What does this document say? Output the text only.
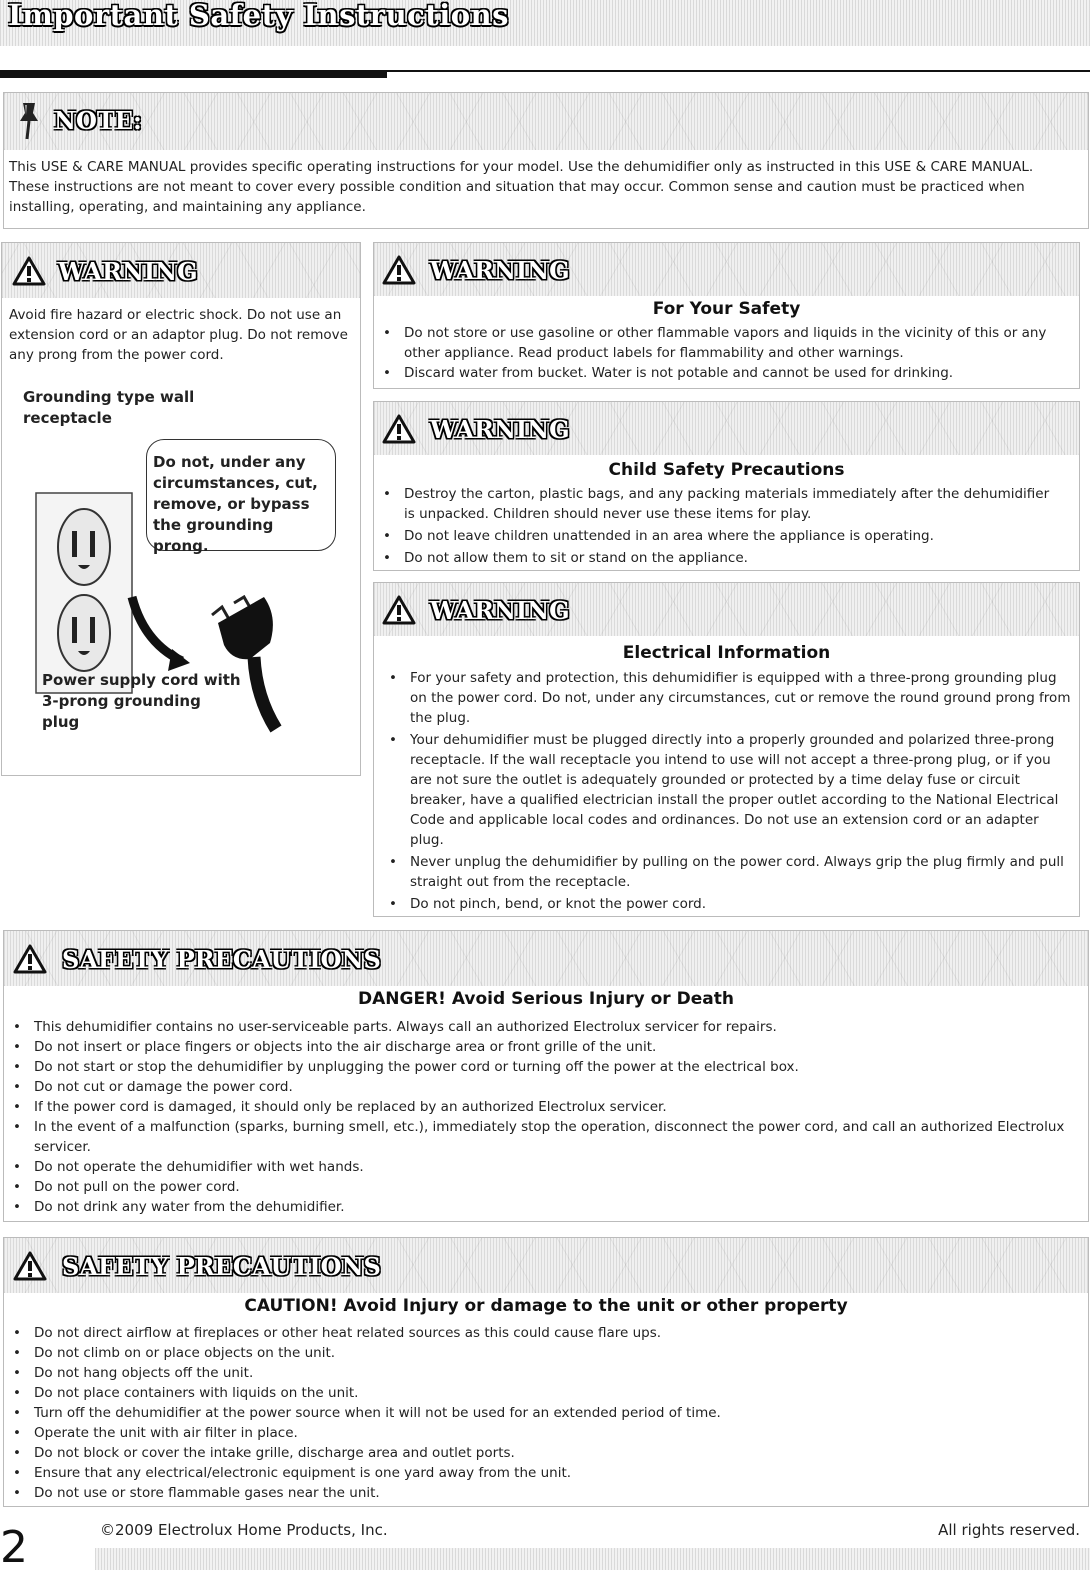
Important Safety Instructions
NOTE:
This USE & CARE MANUAL provides specific operating instructions for your model. Use the dehumidifier only as instructed in this USE & CARE MANUAL. These instructions are not meant to cover every possible condition and situation that may occur. Common sense and caution must be practiced when installing, operating, and maintaining any appliance.
WARNING
Avoid fire hazard or electric shock. Do not use an extension cord or an adaptor plug. Do not remove any prong from the power cord.
Grounding type wall receptacle
Do not, under any circumstances, cut, remove, or bypass the grounding prong.
Power supply cord with 3-prong grounding plug
WARNING
For Your Safety
• Do not store or use gasoline or other flammable vapors and liquids in the vicinity of this or any other appliance. Read product labels for flammability and other warnings.
• Discard water from bucket. Water is not potable and cannot be used for drinking.
WARNING
Child Safety Precautions
• Destroy the carton, plastic bags, and any packing materials immediately after the dehumidifier is unpacked. Children should never use these items for play.
• Do not leave children unattended in an area where the appliance is operating.
• Do not allow them to sit or stand on the appliance.
WARNING
Electrical Information
• For your safety and protection, this dehumidifier is equipped with a three-prong grounding plug on the power cord. Do not, under any circumstances, cut or remove the round ground prong from the plug.
• Your dehumidifier must be plugged directly into a properly grounded and polarized three-prong receptacle. If the wall receptacle you intend to use will not accept a three-prong plug, or if you are not sure the outlet is adequately grounded or protected by a time delay fuse or circuit breaker, have a qualified electrician install the proper outlet according to the National Electrical Code and applicable local codes and ordinances. Do not use an extension cord or an adapter plug.
• Never unplug the dehumidifier by pulling on the power cord. Always grip the plug firmly and pull straight out from the receptacle.
• Do not pinch, bend, or knot the power cord.
SAFETY PRECAUTIONS
DANGER! Avoid Serious Injury or Death
• This dehumidifier contains no user-serviceable parts. Always call an authorized Electrolux servicer for repairs.
• Do not insert or place fingers or objects into the air discharge area or front grille of the unit.
• Do not start or stop the dehumidifier by unplugging the power cord or turning off the power at the electrical box.
• Do not cut or damage the power cord.
• If the power cord is damaged, it should only be replaced by an authorized Electrolux servicer.
• In the event of a malfunction (sparks, burning smell, etc.), immediately stop the operation, disconnect the power cord, and call an authorized Electrolux servicer.
• Do not operate the dehumidifier with wet hands.
• Do not pull on the power cord.
• Do not drink any water from the dehumidifier.
SAFETY PRECAUTIONS
CAUTION! Avoid Injury or damage to the unit or other property
• Do not direct airflow at fireplaces or other heat related sources as this could cause flare ups.
• Do not climb on or place objects on the unit.
• Do not hang objects off the unit.
• Do not place containers with liquids on the unit.
• Turn off the dehumidifier at the power source when it will not be used for an extended period of time.
• Operate the unit with air filter in place.
• Do not block or cover the intake grille, discharge area and outlet ports.
• Ensure that any electrical/electronic equipment is one yard away from the unit.
• Do not use or store flammable gases near the unit.
2	©2009 Electrolux Home Products, Inc.	All rights reserved.
